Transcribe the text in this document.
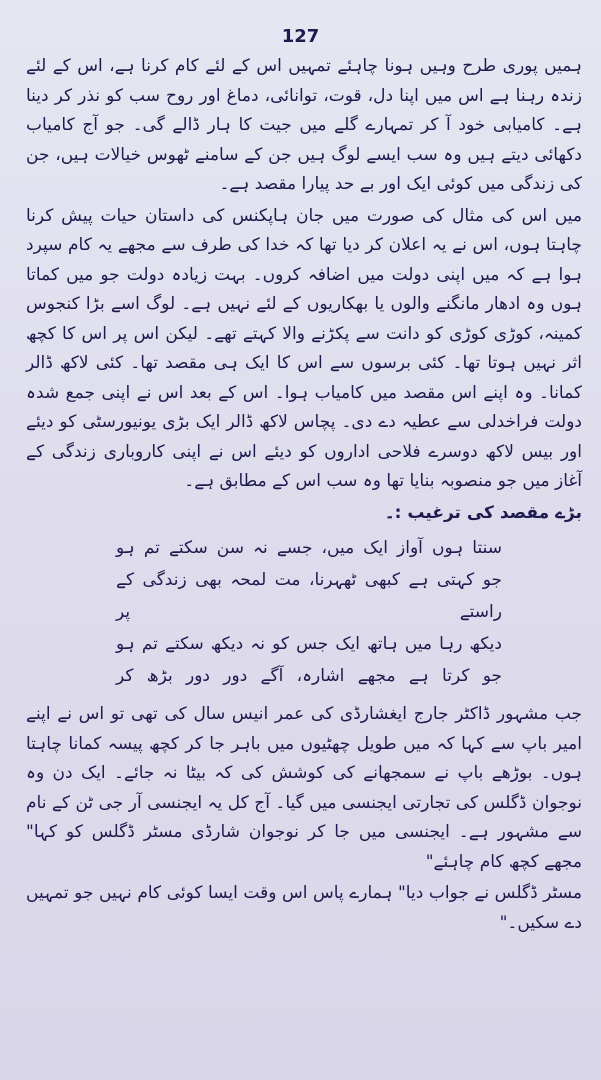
127

ہمیں پوری طرح وہیں ہونا چاہئے تمہیں اس کے لئے کام کرنا ہے، اس کے لئے زندہ رہنا ہے اس میں اپنا دل، قوت، توانائی، دماغ اور روح سب کو نذر کر دینا ہے۔ کامیابی خود آ کر تمہارے گلے میں جیت کا ہار ڈالے گی۔ جو آج کامیاب دکھائی دیتے ہیں وہ سب ایسے لوگ ہیں جن کے سامنے ٹھوس خیالات ہیں، جن کی زندگی میں کوئی ایک اور بے حد پیارا مقصد ہے۔

میں اس کی مثال کی صورت میں جان ہاپکنس کی داستان حیات پیش کرنا چاہتا ہوں، اس نے یہ اعلان کر دیا تھا کہ خدا کی طرف سے مجھے یہ کام سپرد ہوا ہے کہ میں اپنی دولت میں اضافہ کروں۔ بہت زیادہ دولت جو میں کماتا ہوں وہ ادھار مانگنے والوں یا بھکاریوں کے لئے نہیں ہے۔ لوگ اسے بڑا کنجوس کمینہ، کوڑی کوڑی کو دانت سے پکڑنے والا کہتے تھے۔ لیکن اس پر اس کا کچھ اثر نہیں ہوتا تھا۔ کئی برسوں سے اس کا ایک ہی مقصد تھا۔ کئی لاکھ ڈالر کمانا۔ وہ اپنے اس مقصد میں کامیاب ہوا۔ اس کے بعد اس نے اپنی جمع شدہ دولت فراخدلی سے عطیہ دے دی۔ پچاس لاکھ ڈالر ایک بڑی یونیورسٹی کو دیئے اور بیس لاکھ دوسرے فلاحی اداروں کو دیئے اس نے اپنی کاروباری زندگی کے آغاز میں جو منصوبہ بنایا تھا وہ سب اس کے مطابق ہے۔

بڑے مقصد کی ترغیب :۔

سنتا ہوں آواز ایک میں، جسے نہ سن سکتے تم ہو
جو کہتی ہے کبھی ٹھہرنا، مت لمحہ بھی زندگی کے راستے پر
دیکھ رہا میں ہاتھ ایک جس کو نہ دیکھ سکتے تم ہو
جو کرتا ہے مجھے اشارہ، آگے دور دور بڑھ کر

جب مشہور ڈاکٹر جارج ایغشارڈی کی عمر انیس سال کی تھی تو اس نے اپنے امیر باپ سے کہا کہ میں طویل چھٹیوں میں باہر جا کر کچھ پیسہ کمانا چاہتا ہوں۔ بوڑھے باپ نے سمجھانے کی کوشش کی کہ بیٹا نہ جائے۔ ایک دن وہ نوجوان ڈگلس کی تجارتی ایجنسی میں گیا۔ آج کل یہ ایجنسی آر جی ٹن کے نام سے مشہور ہے۔ ایجنسی میں جا کر نوجوان شارڈی مسٹر ڈگلس کو کہا" مجھے کچھ کام چاہئے"

مسٹر ڈگلس نے جواب دیا" ہمارے پاس اس وقت ایسا کوئی کام نہیں جو تمہیں دے سکیں۔"
